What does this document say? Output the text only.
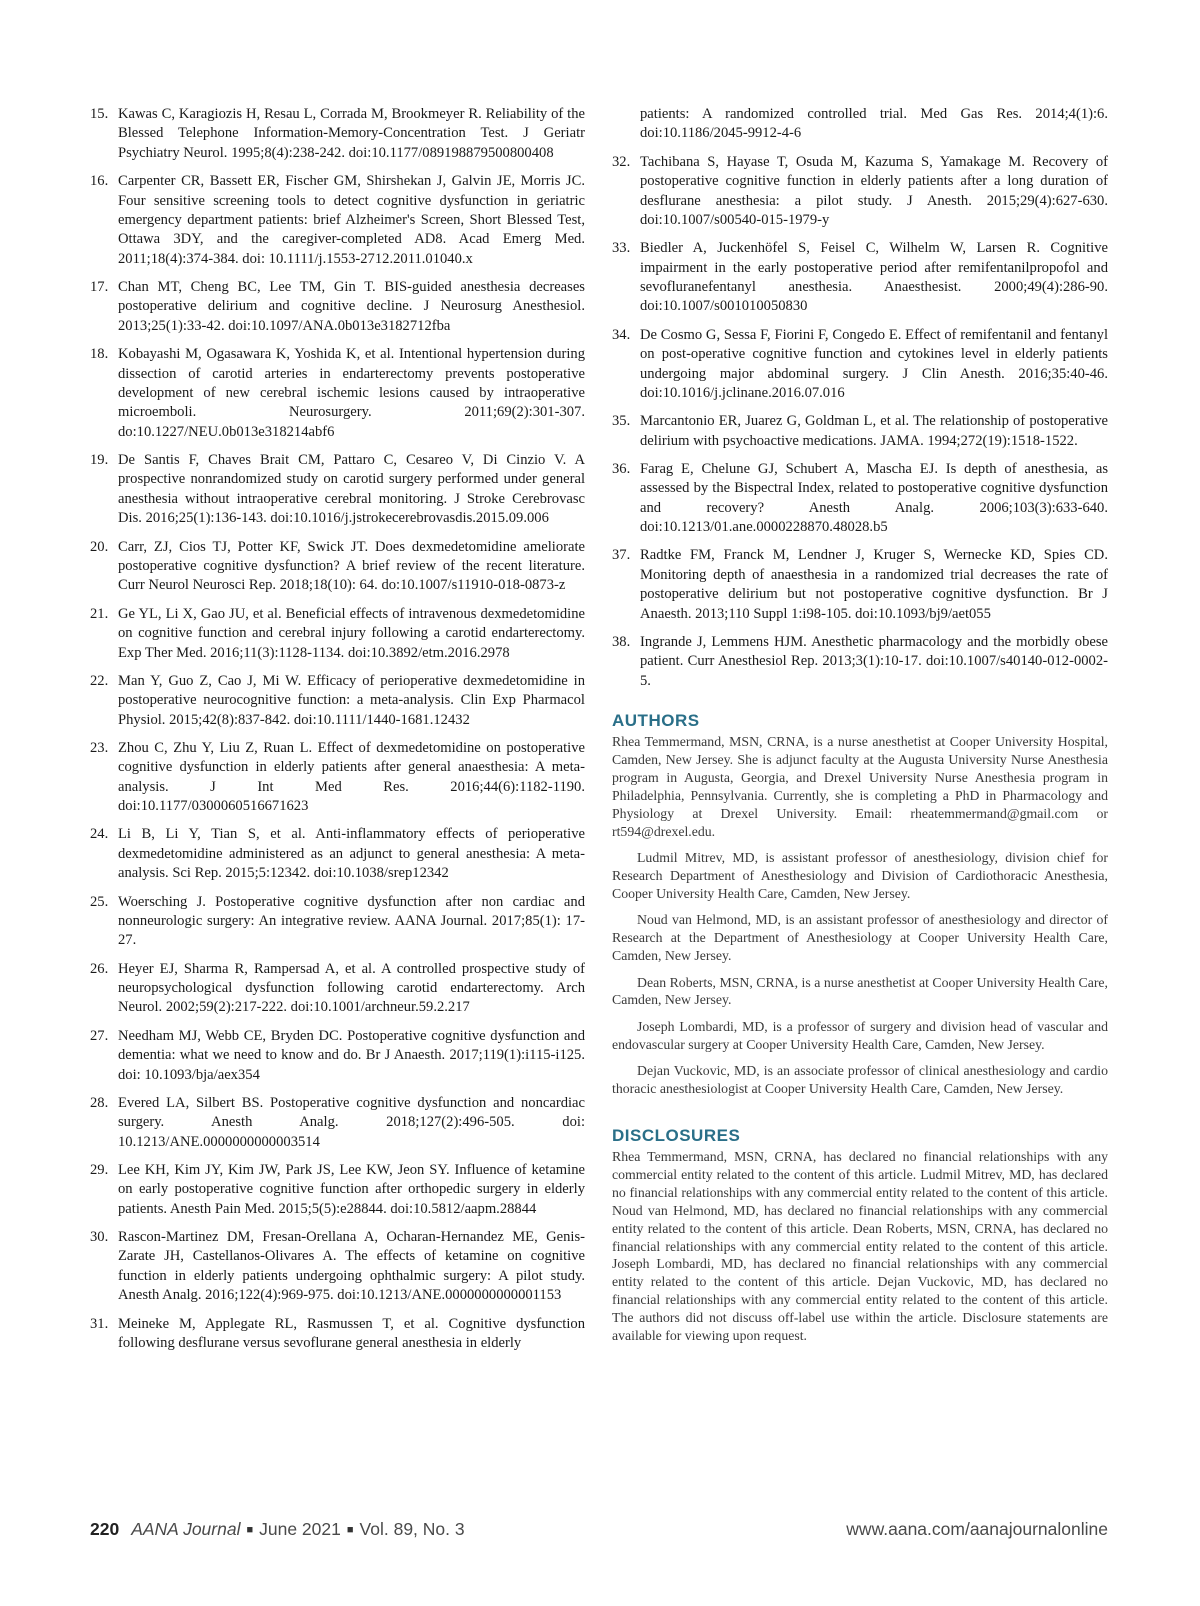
15. Kawas C, Karagiozis H, Resau L, Corrada M, Brookmeyer R. Reliability of the Blessed Telephone Information-Memory-Concentration Test. J Geriatr Psychiatry Neurol. 1995;8(4):238-242. doi:10.1177/089198879500800408
16. Carpenter CR, Bassett ER, Fischer GM, Shirshekan J, Galvin JE, Morris JC. Four sensitive screening tools to detect cognitive dysfunction in geriatric emergency department patients: brief Alzheimer's Screen, Short Blessed Test, Ottawa 3DY, and the caregiver-completed AD8. Acad Emerg Med. 2011;18(4):374-384. doi: 10.1111/j.1553-2712.2011.01040.x
17. Chan MT, Cheng BC, Lee TM, Gin T. BIS-guided anesthesia decreases postoperative delirium and cognitive decline. J Neurosurg Anesthesiol. 2013;25(1):33-42. doi:10.1097/ANA.0b013e3182712fba
18. Kobayashi M, Ogasawara K, Yoshida K, et al. Intentional hypertension during dissection of carotid arteries in endarterectomy prevents postoperative development of new cerebral ischemic lesions caused by intraoperative microemboli. Neurosurgery. 2011;69(2):301-307. do:10.1227/NEU.0b013e318214abf6
19. De Santis F, Chaves Brait CM, Pattaro C, Cesareo V, Di Cinzio V. A prospective nonrandomized study on carotid surgery performed under general anesthesia without intraoperative cerebral monitoring. J Stroke Cerebrovasc Dis. 2016;25(1):136-143. doi:10.1016/j.jstrokecerebrovasdis.2015.09.006
20. Carr, ZJ, Cios TJ, Potter KF, Swick JT. Does dexmedetomidine ameliorate postoperative cognitive dysfunction? A brief review of the recent literature. Curr Neurol Neurosci Rep. 2018;18(10): 64. do:10.1007/s11910-018-0873-z
21. Ge YL, Li X, Gao JU, et al. Beneficial effects of intravenous dexmedetomidine on cognitive function and cerebral injury following a carotid endarterectomy. Exp Ther Med. 2016;11(3):1128-1134. doi:10.3892/etm.2016.2978
22. Man Y, Guo Z, Cao J, Mi W. Efficacy of perioperative dexmedetomidine in postoperative neurocognitive function: a meta-analysis. Clin Exp Pharmacol Physiol. 2015;42(8):837-842. doi:10.1111/1440-1681.12432
23. Zhou C, Zhu Y, Liu Z, Ruan L. Effect of dexmedetomidine on postoperative cognitive dysfunction in elderly patients after general anaesthesia: A meta-analysis. J Int Med Res. 2016;44(6):1182-1190. doi:10.1177/0300060516671623
24. Li B, Li Y, Tian S, et al. Anti-inflammatory effects of perioperative dexmedetomidine administered as an adjunct to general anesthesia: A meta-analysis. Sci Rep. 2015;5:12342. doi:10.1038/srep12342
25. Woersching J. Postoperative cognitive dysfunction after non cardiac and nonneurologic surgery: An integrative review. AANA Journal. 2017;85(1): 17-27.
26. Heyer EJ, Sharma R, Rampersad A, et al. A controlled prospective study of neuropsychological dysfunction following carotid endarterectomy. Arch Neurol. 2002;59(2):217-222. doi:10.1001/archneur.59.2.217
27. Needham MJ, Webb CE, Bryden DC. Postoperative cognitive dysfunction and dementia: what we need to know and do. Br J Anaesth. 2017;119(1):i115-i125. doi: 10.1093/bja/aex354
28. Evered LA, Silbert BS. Postoperative cognitive dysfunction and noncardiac surgery. Anesth Analg. 2018;127(2):496-505. doi: 10.1213/ANE.0000000000003514
29. Lee KH, Kim JY, Kim JW, Park JS, Lee KW, Jeon SY. Influence of ketamine on early postoperative cognitive function after orthopedic surgery in elderly patients. Anesth Pain Med. 2015;5(5):e28844. doi:10.5812/aapm.28844
30. Rascon-Martinez DM, Fresan-Orellana A, Ocharan-Hernandez ME, Genis-Zarate JH, Castellanos-Olivares A. The effects of ketamine on cognitive function in elderly patients undergoing ophthalmic surgery: A pilot study. Anesth Analg. 2016;122(4):969-975. doi:10.1213/ANE.0000000000001153
31. Meineke M, Applegate RL, Rasmussen T, et al. Cognitive dysfunction following desflurane versus sevoflurane general anesthesia in elderly
patients: A randomized controlled trial. Med Gas Res. 2014;4(1):6. doi:10.1186/2045-9912-4-6
32. Tachibana S, Hayase T, Osuda M, Kazuma S, Yamakage M. Recovery of postoperative cognitive function in elderly patients after a long duration of desflurane anesthesia: a pilot study. J Anesth. 2015;29(4):627-630. doi:10.1007/s00540-015-1979-y
33. Biedler A, Juckenhöfel S, Feisel C, Wilhelm W, Larsen R. Cognitive impairment in the early postoperative period after remifentanilpropofol and sevofluranefentanyl anesthesia. Anaesthesist. 2000;49(4):286-90. doi:10.1007/s001010050830
34. De Cosmo G, Sessa F, Fiorini F, Congedo E. Effect of remifentanil and fentanyl on post-operative cognitive function and cytokines level in elderly patients undergoing major abdominal surgery. J Clin Anesth. 2016;35:40-46. doi:10.1016/j.jclinane.2016.07.016
35. Marcantonio ER, Juarez G, Goldman L, et al. The relationship of postoperative delirium with psychoactive medications. JAMA. 1994;272(19):1518-1522.
36. Farag E, Chelune GJ, Schubert A, Mascha EJ. Is depth of anesthesia, as assessed by the Bispectral Index, related to postoperative cognitive dysfunction and recovery? Anesth Analg. 2006;103(3):633-640. doi:10.1213/01.ane.0000228870.48028.b5
37. Radtke FM, Franck M, Lendner J, Kruger S, Wernecke KD, Spies CD. Monitoring depth of anaesthesia in a randomized trial decreases the rate of postoperative delirium but not postoperative cognitive dysfunction. Br J Anaesth. 2013;110 Suppl 1:i98-105. doi:10.1093/bj9/aet055
38. Ingrande J, Lemmens HJM. Anesthetic pharmacology and the morbidly obese patient. Curr Anesthesiol Rep. 2013;3(1):10-17. doi:10.1007/s40140-012-0002-5.
AUTHORS

Rhea Temmermand, MSN, CRNA, is a nurse anesthetist at Cooper University Hospital, Camden, New Jersey. She is adjunct faculty at the Augusta University Nurse Anesthesia program in Augusta, Georgia, and Drexel University Nurse Anesthesia program in Philadelphia, Pennsylvania. Currently, she is completing a PhD in Pharmacology and Physiology at Drexel University. Email: rheatemmermand@gmail.com or rt594@drexel.edu.

Ludmil Mitrev, MD, is assistant professor of anesthesiology, division chief for Research Department of Anesthesiology and Division of Cardiothoracic Anesthesia, Cooper University Health Care, Camden, New Jersey.

Noud van Helmond, MD, is an assistant professor of anesthesiology and director of Research at the Department of Anesthesiology at Cooper University Health Care, Camden, New Jersey.

Dean Roberts, MSN, CRNA, is a nurse anesthetist at Cooper University Health Care, Camden, New Jersey.

Joseph Lombardi, MD, is a professor of surgery and division head of vascular and endovascular surgery at Cooper University Health Care, Camden, New Jersey.

Dejan Vuckovic, MD, is an associate professor of clinical anesthesiology and cardio thoracic anesthesiologist at Cooper University Health Care, Camden, New Jersey.

DISCLOSURES

Rhea Temmermand, MSN, CRNA, has declared no financial relationships with any commercial entity related to the content of this article. Ludmil Mitrev, MD, has declared no financial relationships with any commercial entity related to the content of this article. Noud van Helmond, MD, has declared no financial relationships with any commercial entity related to the content of this article. Dean Roberts, MSN, CRNA, has declared no financial relationships with any commercial entity related to the content of this article. Joseph Lombardi, MD, has declared no financial relationships with any commercial entity related to the content of this article. Dejan Vuckovic, MD, has declared no financial relationships with any commercial entity related to the content of this article. The authors did not discuss off-label use within the article. Disclosure statements are available for viewing upon request.

220 AANA Journal ■ June 2021 ■ Vol. 89, No. 3	www.aana.com/aanajournalonline
